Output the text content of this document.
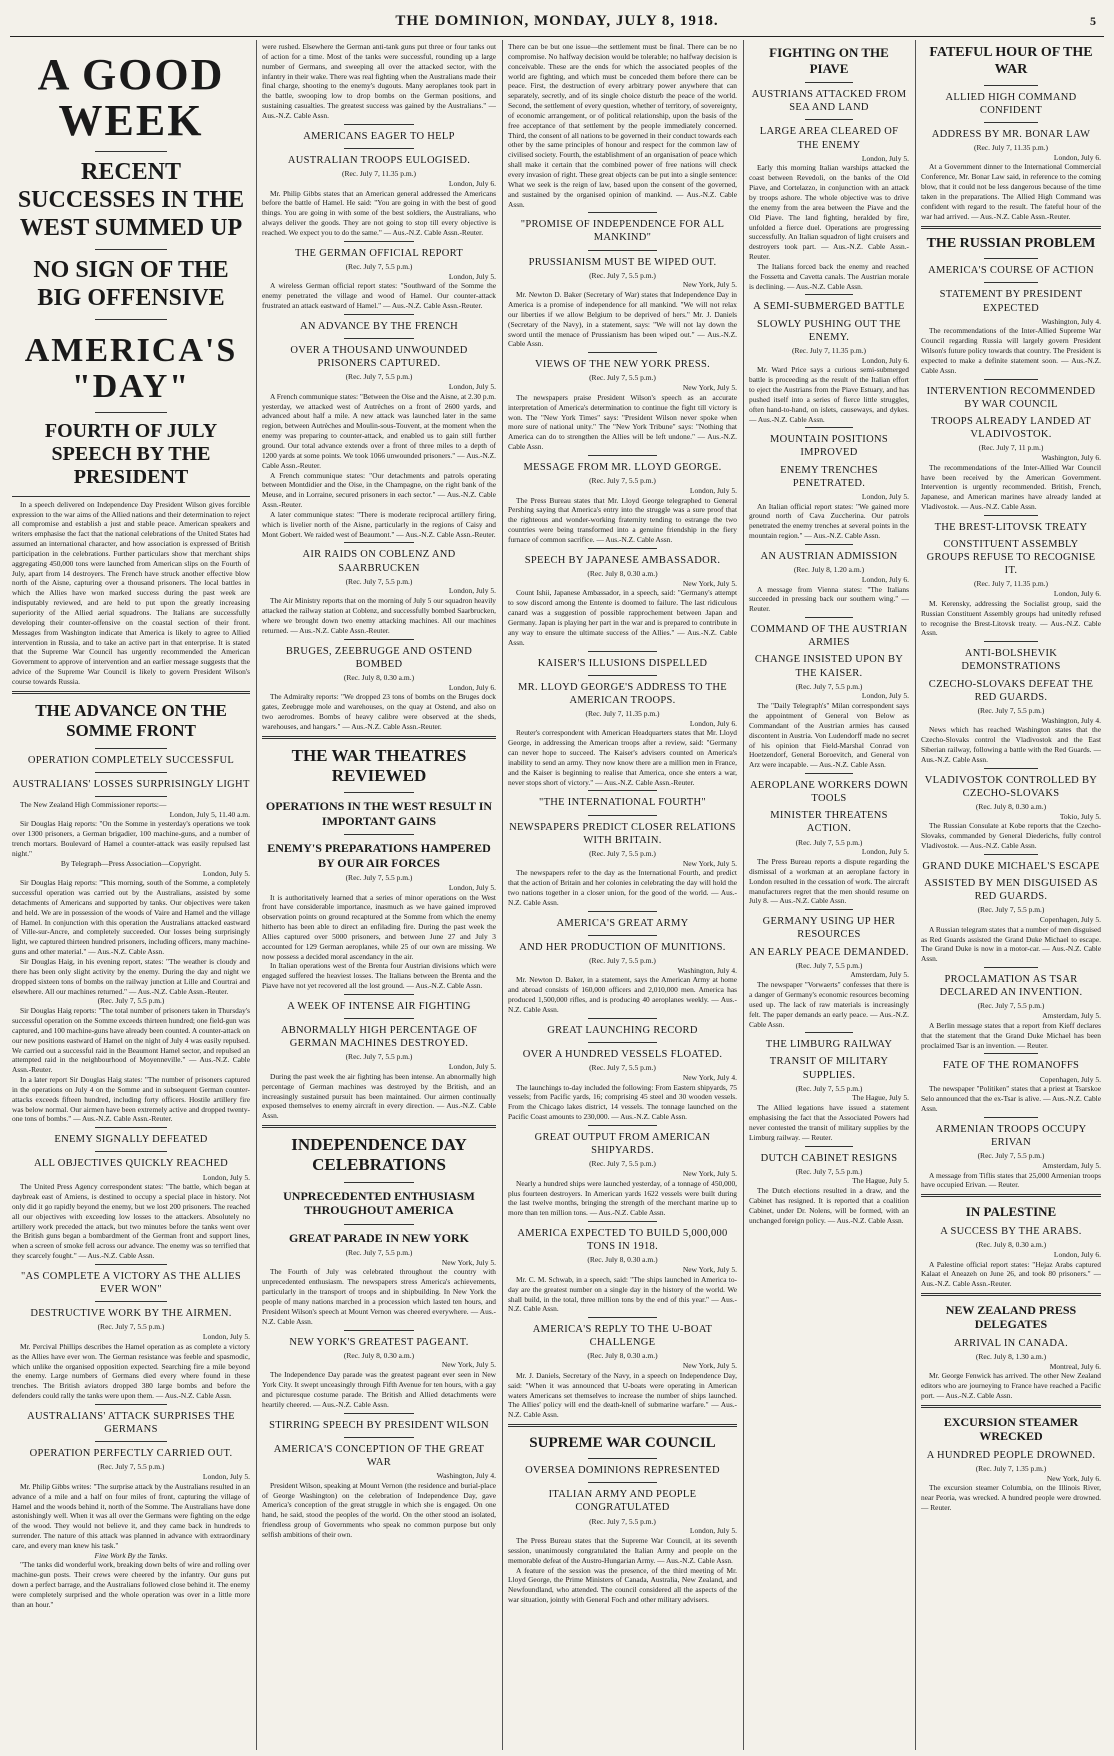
THE DOMINION, MONDAY, JULY 8, 1918.	5
A GOOD WEEK
RECENT SUCCESSES IN THE WEST SUMMED UP
NO SIGN OF THE BIG OFFENSIVE
AMERICA'S "DAY"
FOURTH OF JULY SPEECH BY THE PRESIDENT

In a speech delivered on Independence Day President Wilson gives forcible expression to the war aims of the Allied nations and their determination to reject all compromise and establish a just and stable peace. American speakers and writers emphasise the fact that the national celebrations of the United States had assumed an international character, and how association is expressed of British participation in the celebrations. Further particulars show that merchant ships aggregating 450,000 tons were launched from American slips on the Fourth of July, apart from 14 destroyers. The French have struck another effective blow north of the Aisne, capturing over a thousand prisoners. The local battles in which the Allies have won marked success during the past week are indisputably reviewed, and are held to put upon the greatly increasing superiority of the Allied aerial squadrons. The Italians are successfully developing their counter-offensive on the coastal section of their front. Messages from Washington indicate that America is likely to agree to Allied intervention in Russia, and to take an active part in that enterprise. It is stated that the Supreme War Council has urgently recommended the American Government to approve of intervention and an earlier message suggests that the advice of the Supreme War Council is likely to govern President Wilson's course towards Russia.

THE ADVANCE ON THE SOMME FRONT
OPERATION COMPLETELY SUCCESSFUL
AUSTRALIANS' LOSSES SURPRISINGLY LIGHT

The New Zealand High Commissioner reports:—

London, July 5, 11.40 a.m.

Sir Douglas Haig reports: "On the Somme in yesterday's operations we took over 1300 prisoners, a German brigadier, 100 machine-guns, and a number of trench mortars. Boulevard of Hamel a counter-attack was easily repulsed last night."

By Telegraph—Press Association—Copyright.
London, July 5.

Sir Douglas Haig reports: "This morning, south of the Somme, a completely successful operation was carried out by the Australians, assisted by some detachments of Americans and supported by tanks. Our objectives were taken and held. We are in possession of the woods of Vaire and Hamel and the village of Hamel. In conjunction with this operation the Australians attacked eastward of Ville-sur-Ancre, and completely succeeded. Our losses being surprisingly light, we captured thirteen hundred prisoners, including officers, many machine-guns and other material." — Aus.-N.Z. Cable Assn.

Sir Douglas Haig, in his evening report, states: "The weather is cloudy and there has been only slight activity by the enemy. During the day and night we dropped sixteen tons of bombs on the railway junction at Lille and Courtrai and elsewhere. All our machines returned." — Aus.-N.Z. Cable Assn.-Reuter.

(Rec. July 7, 5.5 p.m.)

Sir Douglas Haig reports: "The total number of prisoners taken in Thursday's successful operation on the Somme exceeds thirteen hundred; one field-gun was captured, and 100 machine-guns have already been counted. A counter-attack on our new positions eastward of Hamel on the night of July 4 was easily repulsed. We carried out a successful raid in the Beaumont Hamel sector, and repulsed an attempted raid in the neighbourhood of Moyenneville." — Aus.-N.Z. Cable Assn.-Reuter.

In a later report Sir Douglas Haig states: "The number of prisoners captured in the operations on July 4 on the Somme and in subsequent German counter-attacks exceeds fifteen hundred, including forty officers. Hostile artillery fire was below normal. Our airmen have been extremely active and dropped twenty-one tons of bombs." — Aus.-N.Z. Cable Assn.-Reuter.

ENEMY SIGNALLY DEFEATED
ALL OBJECTIVES QUICKLY REACHED
London, July 5.

The United Press Agency correspondent states: "The battle, which began at daybreak east of Amiens, is destined to occupy a special place in history. Not only did it go rapidly beyond the enemy, but we lost 200 prisoners. The reached all our objectives with exceeding low losses to the attackers. Absolutely no artillery work preceded the attack, but two minutes before the tanks went over the British guns began a bombardment of the German front and support lines, when a screen of smoke fell across our advance. The enemy was so terrified that they scarcely fought." — Aus.-N.Z. Cable Assn.

"AS COMPLETE A VICTORY AS THE ALLIES EVER WON"
DESTRUCTIVE WORK BY THE AIRMEN.
(Rec. July 7, 5.5 p.m.)
London, July 5.

Mr. Percival Phillips describes the Hamel operation as as complete a victory as the Allies have ever won. The German resistance was feeble and spasmodic, which unlike the organised opposition expected. Searching fire a mile beyond the enemy. Large numbers of Germans died every where found in these trenches. The British aviators dropped 380 large bombs and before the defenders could rally the tanks were upon them. — Aus.-N.Z. Cable Assn.

AUSTRALIANS' ATTACK SURPRISES THE GERMANS
OPERATION PERFECTLY CARRIED OUT.
(Rec. July 7, 5.5 p.m.)
London, July 5.

Mr. Philip Gibbs writes: "The surprise attack by the Australians resulted in an advance of a mile and a half on four miles of front, capturing the village of Hamel and the woods behind it, north of the Somme. The Australians have done astonishingly well. When it was all over the Germans were fighting on the edge of the wood. They would not believe it, and they came back in hundreds to surrender. The nature of this attack was planned in advance with extraordinary care, and every man knew his task."

Fine Work By the Tanks.

"The tanks did wonderful work, breaking down belts of wire and rolling over machine-gun posts. Their crews were cheered by the infantry. Our guns put down a perfect barrage, and the Australians followed close behind it. The enemy were completely surprised and the whole operation was over in a little more than an hour."

were rushed. Elsewhere the German anti-tank guns put three or four tanks out of action for a time. Most of the tanks were successful, rounding up a large number of Germans, and sweeping all over the attacked sector, with the infantry in their wake. There was real fighting when the Australians made their final charge, shooting to the enemy's dugouts. Many aeroplanes took part in the battle, swooping low to drop bombs on the German positions, and sustaining casualties. The greatest success was gained by the Australians." — Aus.-N.Z. Cable Assn.

AMERICANS EAGER TO HELP
AUSTRALIAN TROOPS EULOGISED.
(Rec. July 7, 11.35 p.m.)
London, July 6.

Mr. Philip Gibbs states that an American general addressed the Americans before the battle of Hamel. He said: "You are going in with the best of good things. You are going in with some of the best soldiers, the Australians, who always deliver the goods. They are not going to stop till every objective is reached. We expect you to do the same." — Aus.-N.Z. Cable Assn.-Reuter.

THE GERMAN OFFICIAL REPORT
(Rec. July 7, 5.5 p.m.)
London, July 5.

A wireless German official report states: "Southward of the Somme the enemy penetrated the village and wood of Hamel. Our counter-attack frustrated an attack eastward of Hamel." — Aus.-N.Z. Cable Assn.-Reuter.

AN ADVANCE BY THE FRENCH
OVER A THOUSAND UNWOUNDED PRISONERS CAPTURED.
(Rec. July 7, 5.5 p.m.)
London, July 5.

A French communique states: "Between the Oise and the Aisne, at 2.30 p.m. yesterday, we attacked west of Autrèches on a front of 2600 yards, and advanced about half a mile. A new attack was launched later in the same region, between Autrèches and Moulin-sous-Touvent, at the moment when the enemy was preparing to counter-attack, and enabled us to gain still further ground. Our total advance extends over a front of three miles to a depth of 1200 yards at some points. We took 1066 unwounded prisoners." — Aus.-N.Z. Cable Assn.-Reuter.

A French communique states: "Our detachments and patrols operating between Montdidier and the Oise, in the Champagne, on the right bank of the Meuse, and in Lorraine, secured prisoners in each sector." — Aus.-N.Z. Cable Assn.-Reuter.

A later communique states: "There is moderate reciprocal artillery firing, which is livelier north of the Aisne, particularly in the regions of Caisy and Mont Gobert. We raided west of Beaumont." — Aus.-N.Z. Cable Assn.-Reuter.

AIR RAIDS ON COBLENZ AND SAARBRUCKEN
(Rec. July 7, 5.5 p.m.)
London, July 5.

The Air Ministry reports that on the morning of July 5 our squadron heavily attacked the railway station at Coblenz, and successfully bombed Saarbrucken, where we brought down two enemy attacking machines. All our machines returned. — Aus.-N.Z. Cable Assn.-Reuter.

BRUGES, ZEEBRUGGE AND OSTEND BOMBED
(Rec. July 8, 0.30 a.m.)
London, July 6.

The Admiralty reports: "We dropped 23 tons of bombs on the Bruges dock gates, Zeebrugge mole and warehouses, on the quay at Ostend, and also on two aerodromes. Bombs of heavy calibre were observed at the sheds, warehouses, and hangars." — Aus.-N.Z. Cable Assn.-Reuter.

THE WAR THEATRES REVIEWED
OPERATIONS IN THE WEST RESULT IN IMPORTANT GAINS
ENEMY'S PREPARATIONS HAMPERED BY OUR AIR FORCES
(Rec. July 7, 5.5 p.m.)
London, July 5.

It is authoritatively learned that a series of minor operations on the West front have considerable importance, inasmuch as we have gained improved observation points on ground recaptured at the Somme from which the enemy hitherto has been able to direct an enfilading fire. During the past week the Allies captured over 5000 prisoners, and between June 27 and July 3 accounted for 129 German aeroplanes, while 25 of our own are missing. We now possess a decided moral ascendancy in the air.

In Italian operations west of the Brenta four Austrian divisions which were engaged suffered the heaviest losses. The Italians between the Brenta and the Piave have not yet recovered all the lost ground. — Aus.-N.Z. Cable Assn.

A WEEK OF INTENSE AIR FIGHTING
ABNORMALLY HIGH PERCENTAGE OF GERMAN MACHINES DESTROYED.
(Rec. July 7, 5.5 p.m.)
London, July 5.

During the past week the air fighting has been intense. An abnormally high percentage of German machines was destroyed by the British, and an increasingly sustained pursuit has been maintained. Our airmen continually exposed themselves to enemy aircraft in every direction. — Aus.-N.Z. Cable Assn.

INDEPENDENCE DAY CELEBRATIONS
UNPRECEDENTED ENTHUSIASM THROUGHOUT AMERICA
GREAT PARADE IN NEW YORK
(Rec. July 7, 5.5 p.m.)
New York, July 5.

The Fourth of July was celebrated throughout the country with unprecedented enthusiasm. The newspapers stress America's achievements, particularly in the transport of troops and in shipbuilding. In New York the people of many nations marched in a procession which lasted ten hours, and President Wilson's speech at Mount Vernon was cheered everywhere. — Aus.-N.Z. Cable Assn.

NEW YORK'S GREATEST PAGEANT.
(Rec. July 8, 0.30 a.m.)
New York, July 5.

The Independence Day parade was the greatest pageant ever seen in New York City. It swept unceasingly through Fifth Avenue for ten hours, with a gay and picturesque costume parade. The British and Allied detachments were heartily cheered. — Aus.-N.Z. Cable Assn.

STIRRING SPEECH BY PRESIDENT WILSON
AMERICA'S CONCEPTION OF THE GREAT WAR
Washington, July 4.

President Wilson, speaking at Mount Vernon (the residence and burial-place of George Washington) on the celebration of Independence Day, gave America's conception of the great struggle in which she is engaged. On one hand, he said, stood the peoples of the world. On the other stood an isolated, friendless group of Governments who speak no common purpose but only selfish ambitions of their own.

There can be but one issue—the settlement must be final. There can be no compromise. No halfway decision would be tolerable; no halfway decision is conceivable. These are the ends for which the associated peoples of the world are fighting, and which must be conceded them before there can be peace. First, the destruction of every arbitrary power anywhere that can separately, secretly, and of its single choice disturb the peace of the world. Second, the settlement of every question, whether of territory, of sovereignty, of economic arrangement, or of political relationship, upon the basis of the free acceptance of that settlement by the people immediately concerned. Third, the consent of all nations to be governed in their conduct towards each other by the same principles of honour and respect for the common law of civilised society. Fourth, the establishment of an organisation of peace which shall make it certain that the combined power of free nations will check every invasion of right. These great objects can be put into a single sentence: What we seek is the reign of law, based upon the consent of the governed, and sustained by the organised opinion of mankind. — Aus.-N.Z. Cable Assn.

"PROMISE OF INDEPENDENCE FOR ALL MANKIND"
PRUSSIANISM MUST BE WIPED OUT.
(Rec. July 7, 5.5 p.m.)
New York, July 5.

Mr. Newton D. Baker (Secretary of War) states that Independence Day in America is a promise of independence for all mankind. "We will not relax our liberties if we allow Belgium to be deprived of hers." Mr. J. Daniels (Secretary of the Navy), in a statement, says: "We will not lay down the sword until the menace of Prussianism has been wiped out." — Aus.-N.Z. Cable Assn.

VIEWS OF THE NEW YORK PRESS.
(Rec. July 7, 5.5 p.m.)
New York, July 5.

The newspapers praise President Wilson's speech as an accurate interpretation of America's determination to continue the fight till victory is won. The "New York Times" says: "President Wilson never spoke when more sure of national unity." The "New York Tribune" says: "Nothing that America can do to strengthen the Allies will be left undone." — Aus.-N.Z. Cable Assn.

MESSAGE FROM MR. LLOYD GEORGE.
(Rec. July 7, 5.5 p.m.)
London, July 5.

The Press Bureau states that Mr. Lloyd George telegraphed to General Pershing saying that America's entry into the struggle was a sure proof that the righteous and wonder-working fraternity tending to estrange the two countries were being transformed into a genuine friendship in the fiery furnace of common sacrifice. — Aus.-N.Z. Cable Assn.

SPEECH BY JAPANESE AMBASSADOR.
(Rec. July 8, 0.30 a.m.)
New York, July 5.

Count Ishii, Japanese Ambassador, in a speech, said: "Germany's attempt to sow discord among the Entente is doomed to failure. The last ridiculous canard was a suggestion of possible rapprochement between Japan and Germany. Japan is playing her part in the war and is prepared to contribute in any way to ensure the ultimate success of the Allies." — Aus.-N.Z. Cable Assn.

KAISER'S ILLUSIONS DISPELLED
MR. LLOYD GEORGE'S ADDRESS TO THE AMERICAN TROOPS.
(Rec. July 7, 11.35 p.m.)
London, July 6.

Reuter's correspondent with American Headquarters states that Mr. Lloyd George, in addressing the American troops after a review, said: "Germany can never hope to succeed. The Kaiser's advisers counted on America's inability to send an army. They now know there are a million men in France, and the Kaiser is beginning to realise that America, once she enters a war, never stops short of victory." — Aus.-N.Z. Cable Assn.-Reuter.

"THE INTERNATIONAL FOURTH"
NEWSPAPERS PREDICT CLOSER RELATIONS WITH BRITAIN.
(Rec. July 7, 5.5 p.m.)
New York, July 5.

The newspapers refer to the day as the International Fourth, and predict that the action of Britain and her colonies in celebrating the day will hold the two nations together in a closer union, for the good of the world. — Aus.-N.Z. Cable Assn.

AMERICA'S GREAT ARMY
AND HER PRODUCTION OF MUNITIONS.
(Rec. July 7, 5.5 p.m.)
Washington, July 4.

Mr. Newton D. Baker, in a statement, says the American Army at home and abroad consists of 160,000 officers and 2,010,000 men. America has produced 1,500,000 rifles, and is producing 40 aeroplanes weekly. — Aus.-N.Z. Cable Assn.

GREAT LAUNCHING RECORD
OVER A HUNDRED VESSELS FLOATED.
(Rec. July 7, 5.5 p.m.)
New York, July 4.

The launchings to-day included the following: From Eastern shipyards, 75 vessels; from Pacific yards, 16; comprising 45 steel and 30 wooden vessels. From the Chicago lakes district, 14 vessels. The tonnage launched on the Pacific Coast amounts to 230,000. — Aus.-N.Z. Cable Assn.

GREAT OUTPUT FROM AMERICAN SHIPYARDS.
(Rec. July 7, 5.5 p.m.)
New York, July 5.

Nearly a hundred ships were launched yesterday, of a tonnage of 450,000, plus fourteen destroyers. In American yards 1622 vessels were built during the last twelve months, bringing the strength of the merchant marine up to more than ten million tons. — Aus.-N.Z. Cable Assn.

AMERICA EXPECTED TO BUILD 5,000,000 TONS IN 1918.
(Rec. July 8, 0.30 a.m.)
New York, July 5.

Mr. C. M. Schwab, in a speech, said: "The ships launched in America to-day are the greatest number on a single day in the history of the world. We shall build, in the total, three million tons by the end of this year." — Aus.-N.Z. Cable Assn.

AMERICA'S REPLY TO THE U-BOAT CHALLENGE
(Rec. July 8, 0.30 a.m.)
New York, July 5.

Mr. J. Daniels, Secretary of the Navy, in a speech on Independence Day, said: "When it was announced that U-boats were operating in American waters Americans set themselves to increase the number of ships launched. The Allies' policy will end the death-knell of submarine warfare." — Aus.-N.Z. Cable Assn.

SUPREME WAR COUNCIL
OVERSEA DOMINIONS REPRESENTED
ITALIAN ARMY AND PEOPLE CONGRATULATED
(Rec. July 7, 5.5 p.m.)
London, July 5.

The Press Bureau states that the Supreme War Council, at its seventh session, unanimously congratulated the Italian Army and people on the memorable defeat of the Austro-Hungarian Army. — Aus.-N.Z. Cable Assn.

A feature of the session was the presence, of the third meeting of Mr. Lloyd George, the Prime Ministers of Canada, Australia, New Zealand, and Newfoundland, who attended. The council considered all the aspects of the war situation, jointly with General Foch and other military advisers.

FIGHTING ON THE PIAVE
AUSTRIANS ATTACKED FROM SEA AND LAND
LARGE AREA CLEARED OF THE ENEMY
London, July 5.

Early this morning Italian warships attacked the coast between Revedoli, on the banks of the Old Piave, and Cortelazzo, in conjunction with an attack by troops ashore. The whole objective was to drive the enemy from the area between the Piave and the Old Piave. The land fighting, heralded by fire, unfolded a fierce duel. Operations are progressing successfully. An Italian squadron of light cruisers and destroyers took part. — Aus.-N.Z. Cable Assn.-Reuter.

The Italians forced back the enemy and reached the Fossetta and Cavetta canals. The Austrian morale is declining. — Aus.-N.Z. Cable Assn.

A SEMI-SUBMERGED BATTLE
SLOWLY PUSHING OUT THE ENEMY.
(Rec. July 7, 11.35 p.m.)
London, July 6.

Mr. Ward Price says a curious semi-submerged battle is proceeding as the result of the Italian effort to eject the Austrians from the Piave Estuary, and has pushed itself into a series of fierce little struggles, often hand-to-hand, on islets, causeways, and dykes. — Aus.-N.Z. Cable Assn.

MOUNTAIN POSITIONS IMPROVED
ENEMY TRENCHES PENETRATED.
London, July 5.

An Italian official report states: "We gained more ground north of Cava Zuccherina. Our patrols penetrated the enemy trenches at several points in the mountain region." — Aus.-N.Z. Cable Assn.

AN AUSTRIAN ADMISSION
(Rec. July 8, 1.20 a.m.)
London, July 6.

A message from Vienna states: "The Italians succeeded in pressing back our southern wing." — Reuter.

COMMAND OF THE AUSTRIAN ARMIES
CHANGE INSISTED UPON BY THE KAISER.
(Rec. July 7, 5.5 p.m.)
London, July 5.

The "Daily Telegraph's" Milan correspondent says the appointment of General von Below as Commandant of the Austrian armies has caused discontent in Austria. Von Ludendorff made no secret of his opinion that Field-Marshal Conrad von Hoetzendorf, General Boroevitch, and General von Arz were incapable. — Aus.-N.Z. Cable Assn.

AEROPLANE WORKERS DOWN TOOLS
MINISTER THREATENS ACTION.
(Rec. July 7, 5.5 p.m.)
London, July 5.

The Press Bureau reports a dispute regarding the dismissal of a workman at an aeroplane factory in London resulted in the cessation of work. The aircraft manufacturers regret that the men should resume on July 8. — Aus.-N.Z. Cable Assn.

GERMANY USING UP HER RESOURCES
AN EARLY PEACE DEMANDED.
(Rec. July 7, 5.5 p.m.)
Amsterdam, July 5.

The newspaper "Vorwaerts" confesses that there is a danger of Germany's economic resources becoming used up. The lack of raw materials is increasingly felt. The paper demands an early peace. — Aus.-N.Z. Cable Assn.

THE LIMBURG RAILWAY
TRANSIT OF MILITARY SUPPLIES.
(Rec. July 7, 5.5 p.m.)
The Hague, July 5.

The Allied legations have issued a statement emphasising the fact that the Associated Powers had never contested the transit of military supplies by the Limburg railway. — Reuter.

DUTCH CABINET RESIGNS
(Rec. July 7, 5.5 p.m.)
The Hague, July 5.

The Dutch elections resulted in a draw, and the Cabinet has resigned. It is reported that a coalition Cabinet, under Dr. Nolens, will be formed, with an unchanged foreign policy. — Aus.-N.Z. Cable Assn.

FATEFUL HOUR OF THE WAR
ALLIED HIGH COMMAND CONFIDENT
ADDRESS BY MR. BONAR LAW
(Rec. July 7, 11.35 p.m.)
London, July 6.

At a Government dinner to the International Commercial Conference, Mr. Bonar Law said, in reference to the coming blow, that it could not be less dangerous because of the time taken in the preparations. The Allied High Command was confident with regard to the result. The fateful hour of the war had arrived. — Aus.-N.Z. Cable Assn.-Reuter.

THE RUSSIAN PROBLEM
AMERICA'S COURSE OF ACTION
STATEMENT BY PRESIDENT EXPECTED
Washington, July 4.

The recommendations of the Inter-Allied Supreme War Council regarding Russia will largely govern President Wilson's future policy towards that country. The President is expected to make a definite statement soon. — Aus.-N.Z. Cable Assn.

INTERVENTION RECOMMENDED BY WAR COUNCIL
TROOPS ALREADY LANDED AT VLADIVOSTOK.
(Rec. July 7, 11 p.m.)
Washington, July 6.

The recommendations of the Inter-Allied War Council have been received by the American Government. Intervention is urgently recommended. British, French, Japanese, and American marines have already landed at Vladivostok. — Aus.-N.Z. Cable Assn.

THE BREST-LITOVSK TREATY
CONSTITUENT ASSEMBLY GROUPS REFUSE TO RECOGNISE IT.
(Rec. July 7, 11.35 p.m.)
London, July 6.

M. Kerensky, addressing the Socialist group, said the Russian Constituent Assembly groups had unitedly refused to recognise the Brest-Litovsk treaty. — Aus.-N.Z. Cable Assn.

ANTI-BOLSHEVIK DEMONSTRATIONS
CZECHO-SLOVAKS DEFEAT THE RED GUARDS.
(Rec. July 7, 5.5 p.m.)
Washington, July 4.

News which has reached Washington states that the Czecho-Slovaks control the Vladivostok and the East Siberian railway, following a battle with the Red Guards. — Aus.-N.Z. Cable Assn.

VLADIVOSTOK CONTROLLED BY CZECHO-SLOVAKS
(Rec. July 8, 0.30 a.m.)
Tokio, July 5.

The Russian Consulate at Kobe reports that the Czecho-Slovaks, commanded by General Diederichs, fully control Vladivostok. — Aus.-N.Z. Cable Assn.

GRAND DUKE MICHAEL'S ESCAPE
ASSISTED BY MEN DISGUISED AS RED GUARDS.
(Rec. July 7, 5.5 p.m.)
Copenhagen, July 5.

A Russian telegram states that a number of men disguised as Red Guards assisted the Grand Duke Michael to escape. The Grand Duke is now in a motor-car. — Aus.-N.Z. Cable Assn.

PROCLAMATION AS TSAR DECLARED AN INVENTION.
(Rec. July 7, 5.5 p.m.)
Amsterdam, July 5.

A Berlin message states that a report from Kieff declares that the statement that the Grand Duke Michael has been proclaimed Tsar is an invention. — Reuter.

FATE OF THE ROMANOFFS
Copenhagen, July 5.

The newspaper "Politiken" states that a priest at Tsarskoe Selo announced that the ex-Tsar is alive. — Aus.-N.Z. Cable Assn.

ARMENIAN TROOPS OCCUPY ERIVAN
(Rec. July 7, 5.5 p.m.)
Amsterdam, July 5.

A message from Tiflis states that 25,000 Armenian troops have occupied Erivan. — Reuter.

IN PALESTINE
A SUCCESS BY THE ARABS.
(Rec. July 8, 0.30 a.m.)
London, July 6.

A Palestine official report states: "Hejaz Arabs captured Kalaat el Aneazeh on June 26, and took 80 prisoners." — Aus.-N.Z. Cable Assn.-Reuter.

NEW ZEALAND PRESS DELEGATES
ARRIVAL IN CANADA.
(Rec. July 8, 1.30 a.m.)
Montreal, July 6.

Mr. George Fenwick has arrived. The other New Zealand editors who are journeying to France have reached a Pacific port. — Aus.-N.Z. Cable Assn.

EXCURSION STEAMER WRECKED
A HUNDRED PEOPLE DROWNED.
(Rec. July 7, 1.35 p.m.)
New York, July 6.

The excursion steamer Columbia, on the Illinois River, near Peoria, was wrecked. A hundred people were drowned. — Reuter.
